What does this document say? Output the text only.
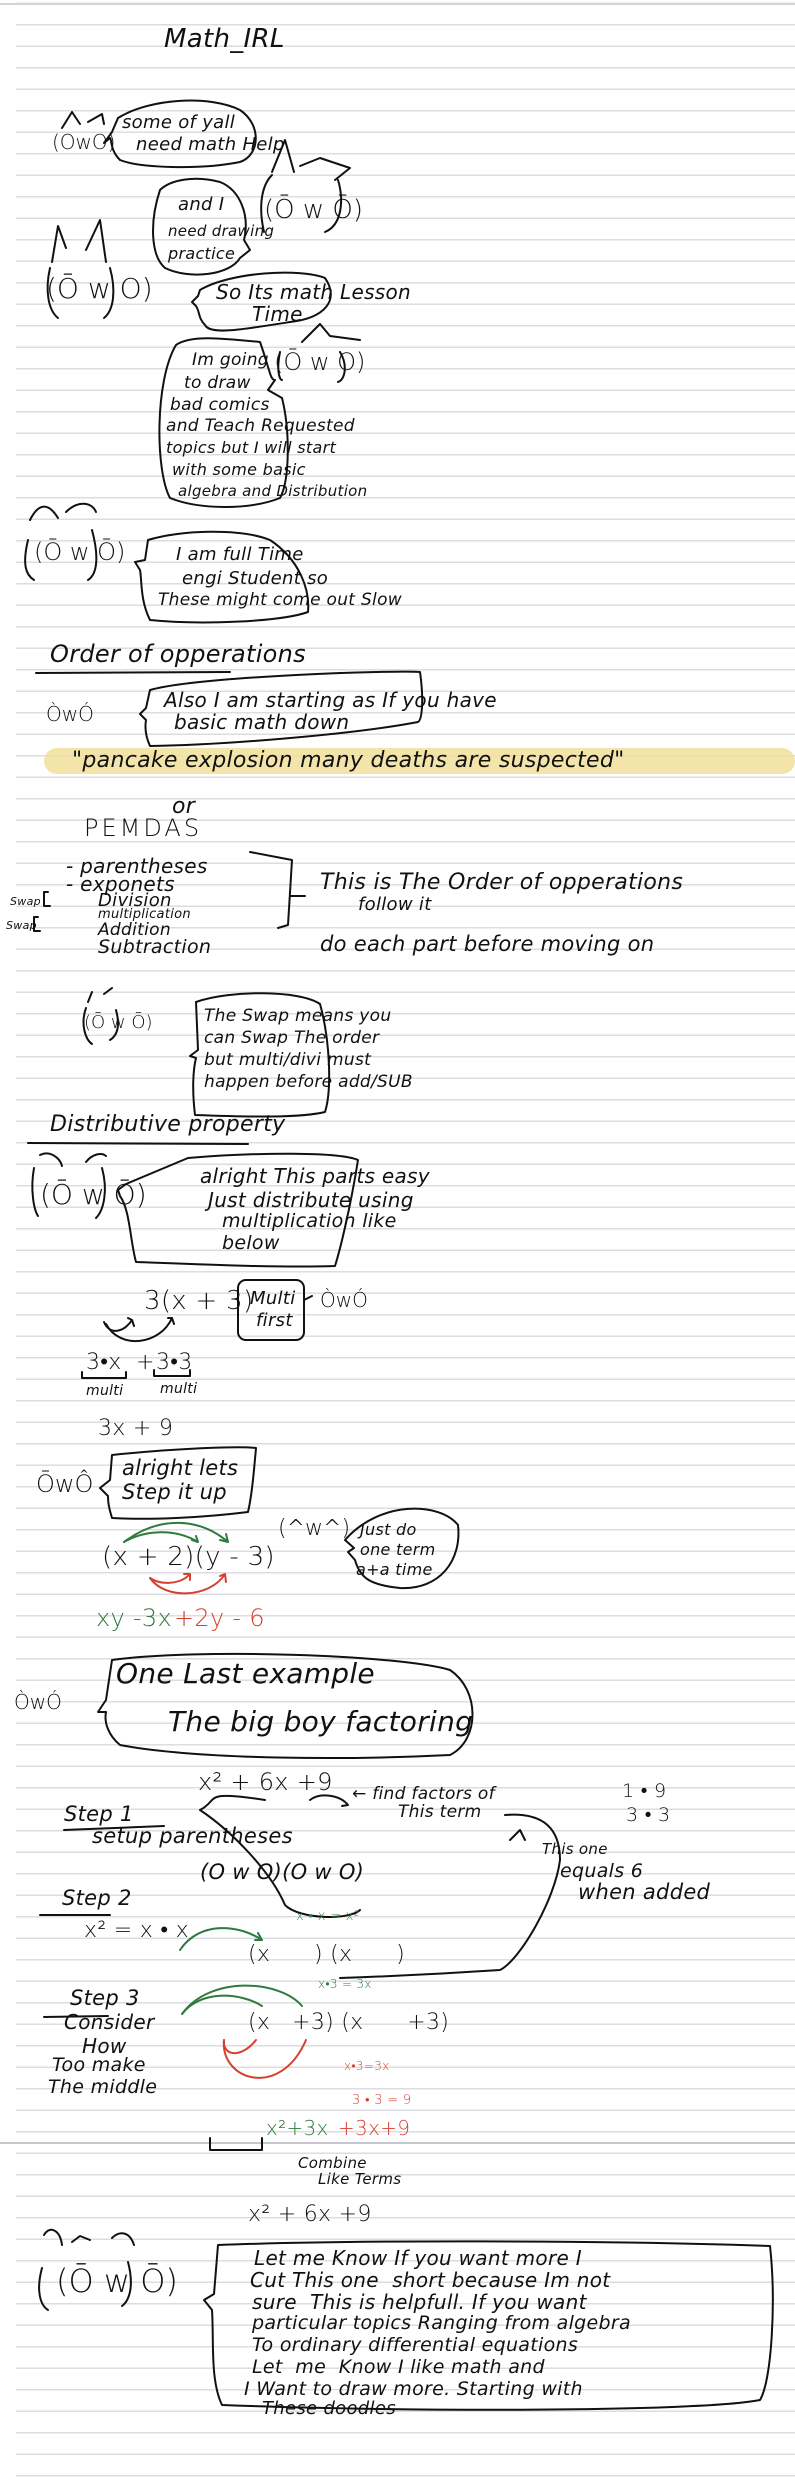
Math_IRL
(OwO)
some of yall
need math Help
(Ō w Ō)
and I
need drawing
practice
(Ō w O)	So Its math Lesson
Time
(Ō w O)
Im going
to draw
bad comics
and Teach Requested
topics but I will start
with some basic
algebra and Distribution
(Ō w Ō)	I am full Time
engi Student so
These might come out Slow
Order of opperations
ÒwÓ
Also I am starting as If you have
basic math down
"pancake explosion many deaths are suspected"
or
PEMDAS
- parentheses
- exponets
Division
multiplication
Addition
Subtraction
Swap
Swap
This is The Order of opperations
follow it
do each part before moving on
(Ō w Ō)	The Swap means you
can Swap The order
but multi/divi must
happen before add/SUB
Distributive property
(Ō w Ō)
alright This parts easy
Just distribute using
multiplication like
below
3(x + 3)
Multi
first
ÒwÓ
3•x + 3•3
multi	multi
3x + 9
ŌwÔ
alright lets
Step it up
(x + 2)(y - 3)
(^w^) Just do
one term
a+a time
xy -3x +2y - 6
ÒwÓ
One Last example
The big boy factoring
x² + 6x +9 ← find factors of
This term
1 • 9
3 • 3
This one
equals 6
when added
Step 1
setup parentheses
(O w O)(O w O)
Step 2
x² = x • x
x • x = x²
(x      ) (x      )
Step 3
Consider
How
Too make
The middle
x•3 = 3x
(x   +3) (x      +3)
x•3=3x
3 • 3 = 9
x²+3x +3x+9
Combine
Like Terms
x² + 6x +9
(Ō w Ō)
Let me Know If you want more I
Cut This one  short because Im not
sure  This is helpfull. If you want
particular topics Ranging from algebra
To ordinary differential equations
Let  me  Know I like math and
I Want to draw more. Starting with
These doodles
